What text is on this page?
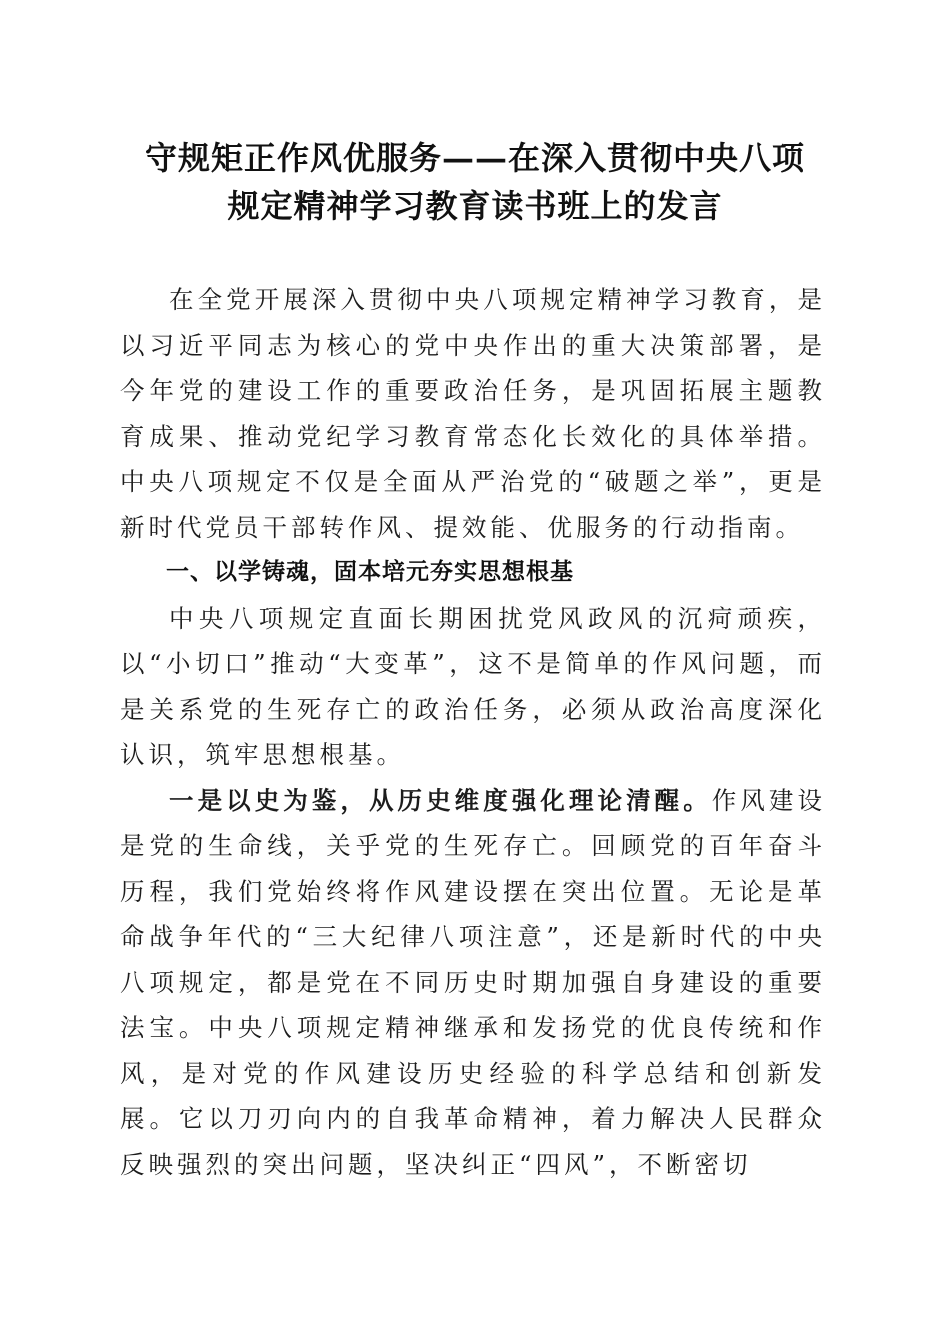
守规矩正作风优服务——在深入贯彻中央八项
规定精神学习教育读书班上的发言

在全党开展深入贯彻中央八项规定精神学习教育，是以习近平同志为核心的党中央作出的重大决策部署，是今年党的建设工作的重要政治任务，是巩固拓展主题教育成果、推动党纪学习教育常态化长效化的具体举措。中央八项规定不仅是全面从严治党的“破题之举”，更是新时代党员干部转作风、提效能、优服务的行动指南。

一、以学铸魂，固本培元夯实思想根基

中央八项规定直面长期困扰党风政风的沉疴顽疾，以“小切口”推动“大变革”，这不是简单的作风问题，而是关系党的生死存亡的政治任务，必须从政治高度深化认识，筑牢思想根基。

一是以史为鉴，从历史维度强化理论清醒。作风建设是党的生命线，关乎党的生死存亡。回顾党的百年奋斗历程，我们党始终将作风建设摆在突出位置。无论是革命战争年代的“三大纪律八项注意”，还是新时代的中央八项规定，都是党在不同历史时期加强自身建设的重要法宝。中央八项规定精神继承和发扬党的优良传统和作风，是对党的作风建设历史经验的科学总结和创新发展。它以刀刃向内的自我革命精神，着力解决人民群众反映强烈的突出问题，坚决纠正“四风”，不断密切
